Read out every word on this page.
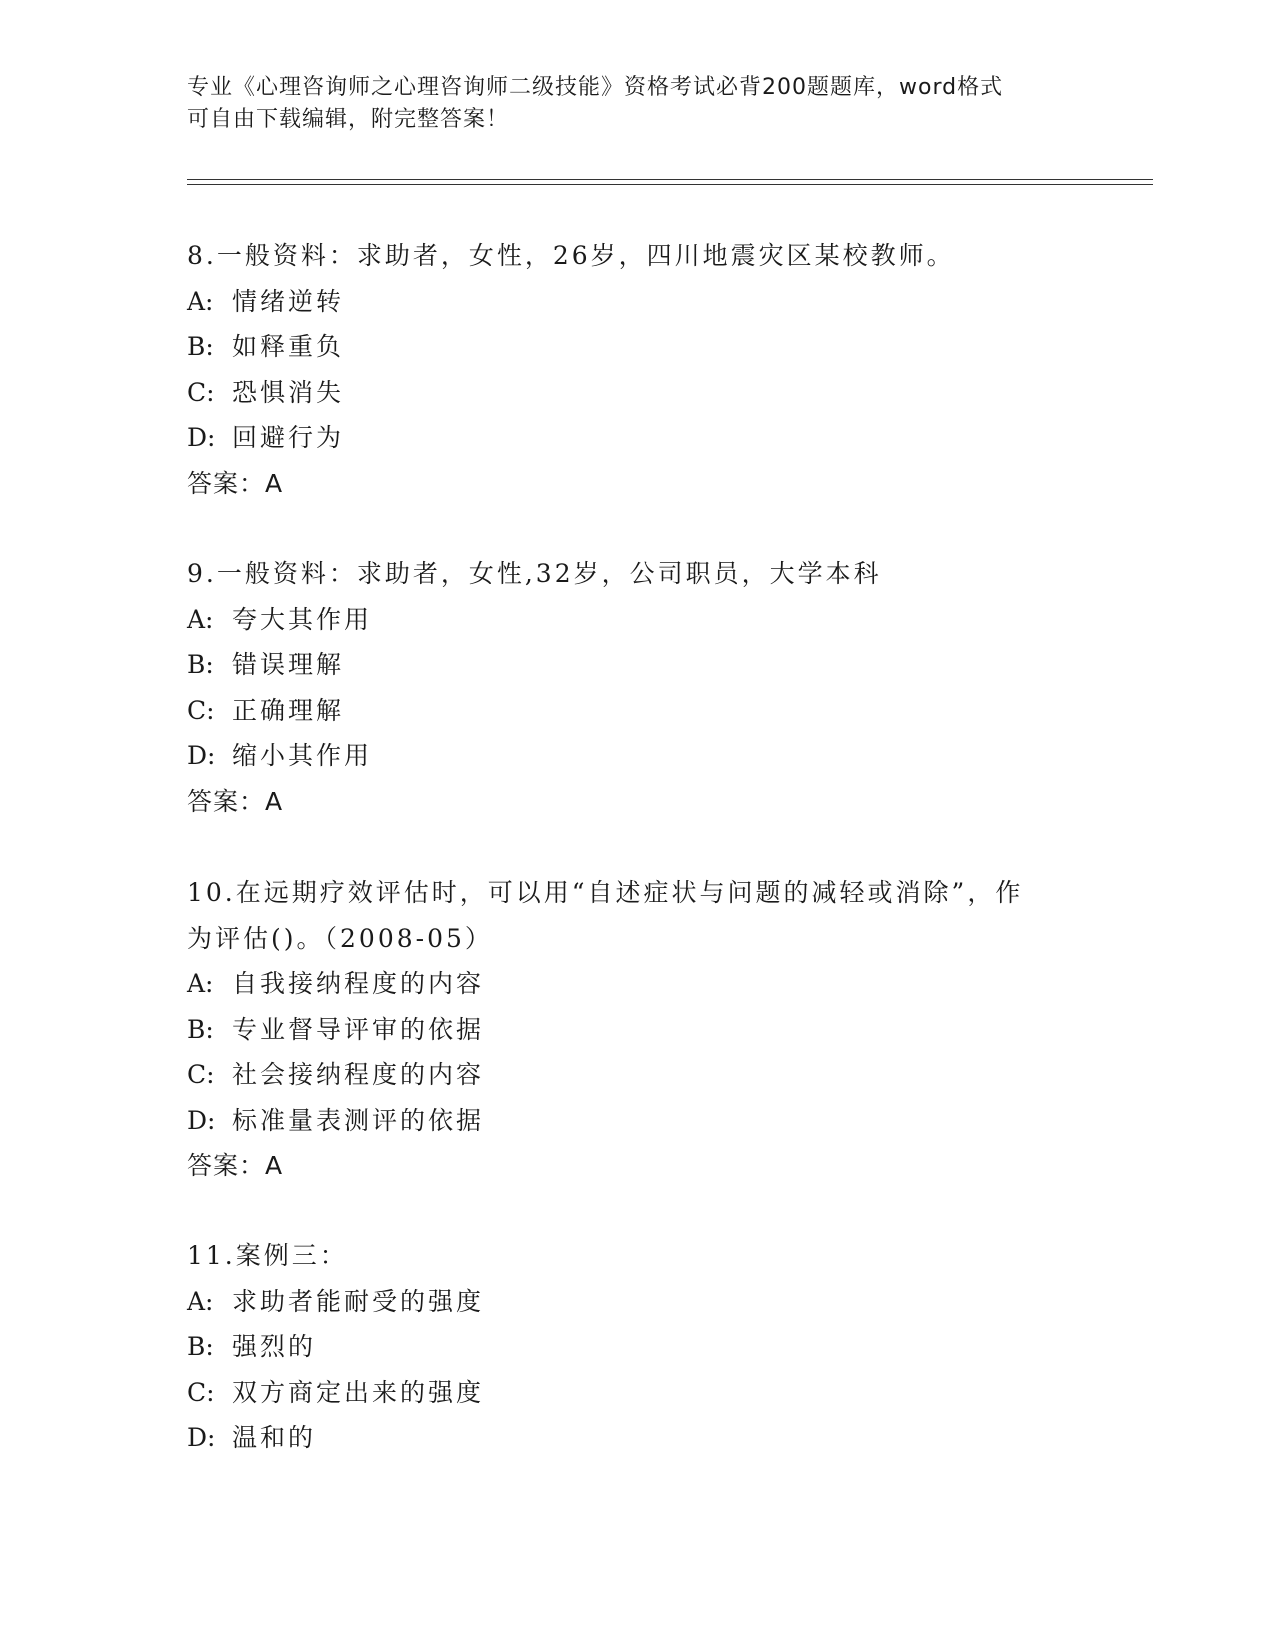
专业《心理咨询师之心理咨询师二级技能》资格考试必背200题题库，word格式
可自由下载编辑，附完整答案！
8.一般资料：求助者，女性，26岁，四川地震灾区某校教师。
A: 情绪逆转
B: 如释重负
C: 恐惧消失
D: 回避行为
答案：A
9.一般资料：求助者，女性,32岁，公司职员，大学本科
A: 夸大其作用
B: 错误理解
C: 正确理解
D: 缩小其作用
答案：A
10.在远期疗效评估时，可以用“自述症状与问题的减轻或消除”，作
为评估()。（2008-05）
A: 自我接纳程度的内容
B: 专业督导评审的依据
C: 社会接纳程度的内容
D: 标准量表测评的依据
答案：A
11.案例三：
A: 求助者能耐受的强度
B: 强烈的
C: 双方商定出来的强度
D: 温和的
